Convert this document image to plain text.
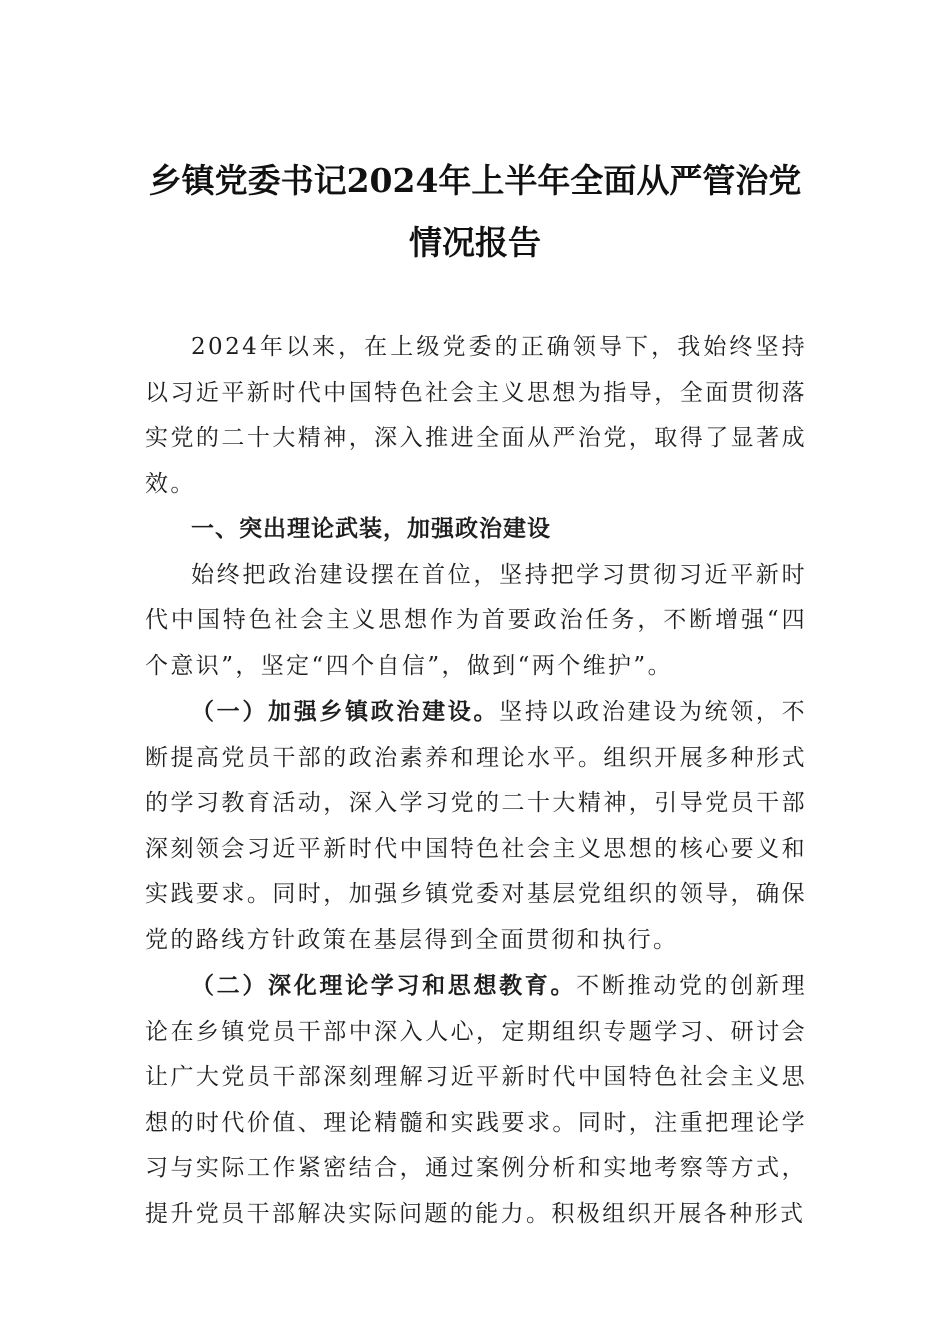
乡镇党委书记2024年上半年全面从严管治党情况报告

2024年以来，在上级党委的正确领导下，我始终坚持以习近平新时代中国特色社会主义思想为指导，全面贯彻落实党的二十大精神，深入推进全面从严治党，取得了显著成效。

一、突出理论武装，加强政治建设

始终把政治建设摆在首位，坚持把学习贯彻习近平新时代中国特色社会主义思想作为首要政治任务，不断增强“四个意识”，坚定“四个自信”，做到“两个维护”。

（一）加强乡镇政治建设。坚持以政治建设为统领，不断提高党员干部的政治素养和理论水平。组织开展多种形式的学习教育活动，深入学习党的二十大精神，引导党员干部深刻领会习近平新时代中国特色社会主义思想的核心要义和实践要求。同时，加强乡镇党委对基层党组织的领导，确保党的路线方针政策在基层得到全面贯彻和执行。

（二）深化理论学习和思想教育。不断推动党的创新理论在乡镇党员干部中深入人心，定期组织专题学习、研讨会让广大党员干部深刻理解习近平新时代中国特色社会主义思想的时代价值、理论精髓和实践要求。同时，注重把理论学习与实际工作紧密结合，通过案例分析和实地考察等方式，提升党员干部解决实际问题的能力。积极组织开展各种形式
